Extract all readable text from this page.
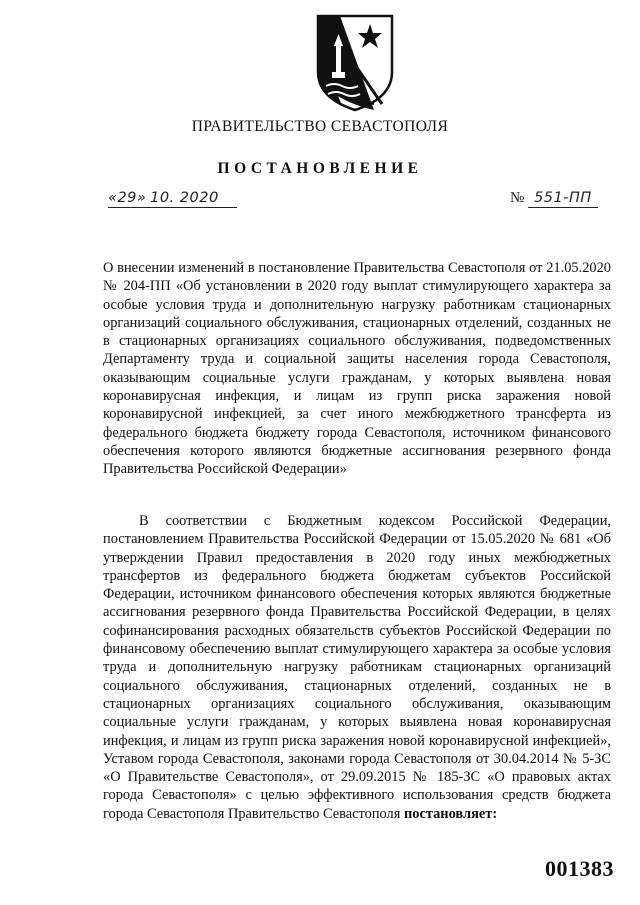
ПРАВИТЕЛЬСТВО СЕВАСТОПОЛЯ
ПОСТАНОВЛЕНИЕ
«29» 10. 2020	№ 551-ПП
О внесении изменений в постановление Правительства Севастополя от 21.05.2020 № 204-ПП «Об установлении в 2020 году выплат стимулирующего характера за особые условия труда и дополнительную нагрузку работникам стационарных организаций социального обслуживания, стационарных отделений, созданных не в стационарных организациях социального обслуживания, подведомственных Департаменту труда и социальной защиты населения города Севастополя, оказывающим социальные услуги гражданам, у которых выявлена новая коронавирусная инфекция, и лицам из групп риска заражения новой коронавирусной инфекцией, за счет иного межбюджетного трансферта из федерального бюджета бюджету города Севастополя, источником финансового обеспечения которого являются бюджетные ассигнования резервного фонда Правительства Российской Федерации»
В соответствии с Бюджетным кодексом Российской Федерации, постановлением Правительства Российской Федерации от 15.05.2020 № 681 «Об утверждении Правил предоставления в 2020 году иных межбюджетных трансфертов из федерального бюджета бюджетам субъектов Российской Федерации, источником финансового обеспечения которых являются бюджетные ассигнования резервного фонда Правительства Российской Федерации, в целях софинансирования расходных обязательств субъектов Российской Федерации по финансовому обеспечению выплат стимулирующего характера за особые условия труда и дополнительную нагрузку работникам стационарных организаций социального обслуживания, стационарных отделений, созданных не в стационарных организациях социального обслуживания, оказывающим социальные услуги гражданам, у которых выявлена новая коронавирусная инфекция, и лицам из групп риска заражения новой коронавирусной инфекцией», Уставом города Севастополя, законами города Севастополя от 30.04.2014 № 5-ЗС «О Правительстве Севастополя», от 29.09.2015 № 185-ЗС «О правовых актах города Севастополя» с целью эффективного использования средств бюджета города Севастополя Правительство Севастополя постановляет:
001383
